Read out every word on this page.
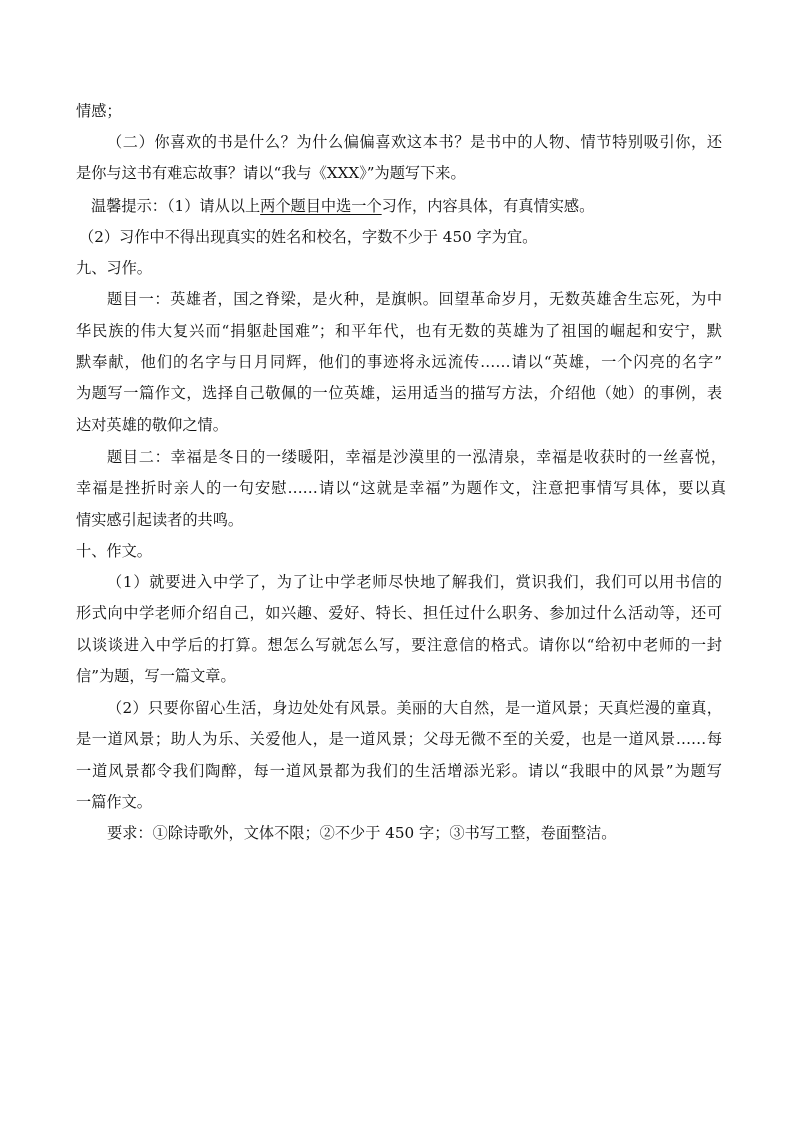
情感；

（二）你喜欢的书是什么？为什么偏偏喜欢这本书？是书中的人物、情节特别吸引你，还

是你与这书有难忘故事？请以“我与《XXX》”为题写下来。

温馨提示：（1）请从以上两个题目中选一个习作，内容具体，有真情实感。

（2）习作中不得出现真实的姓名和校名，字数不少于 450 字为宜。

九、习作。

题目一：英雄者，国之脊梁，是火种，是旗帜。回望革命岁月，无数英雄舍生忘死，为中

华民族的伟大复兴而“捐躯赴国难”；和平年代，也有无数的英雄为了祖国的崛起和安宁，默

默奉献，他们的名字与日月同辉，他们的事迹将永远流传……请以“英雄，一个闪亮的名字”

为题写一篇作文，选择自己敬佩的一位英雄，运用适当的描写方法，介绍他（她）的事例，表

达对英雄的敬仰之情。

题目二：幸福是冬日的一缕暖阳，幸福是沙漠里的一泓清泉，幸福是收获时的一丝喜悦，

幸福是挫折时亲人的一句安慰……请以“这就是幸福”为题作文，注意把事情写具体，要以真

情实感引起读者的共鸣。

十、作文。

（1）就要进入中学了，为了让中学老师尽快地了解我们，赏识我们，我们可以用书信的

形式向中学老师介绍自己，如兴趣、爱好、特长、担任过什么职务、参加过什么活动等，还可

以谈谈进入中学后的打算。想怎么写就怎么写，要注意信的格式。请你以“给初中老师的一封

信”为题，写一篇文章。

（2）只要你留心生活，身边处处有风景。美丽的大自然，是一道风景；天真烂漫的童真，

是一道风景；助人为乐、关爱他人，是一道风景；父母无微不至的关爱，也是一道风景……每

一道风景都令我们陶醉，每一道风景都为我们的生活增添光彩。请以“我眼中的风景”为题写

一篇作文。

要求：①除诗歌外，文体不限；②不少于 450 字；③书写工整，卷面整洁。
